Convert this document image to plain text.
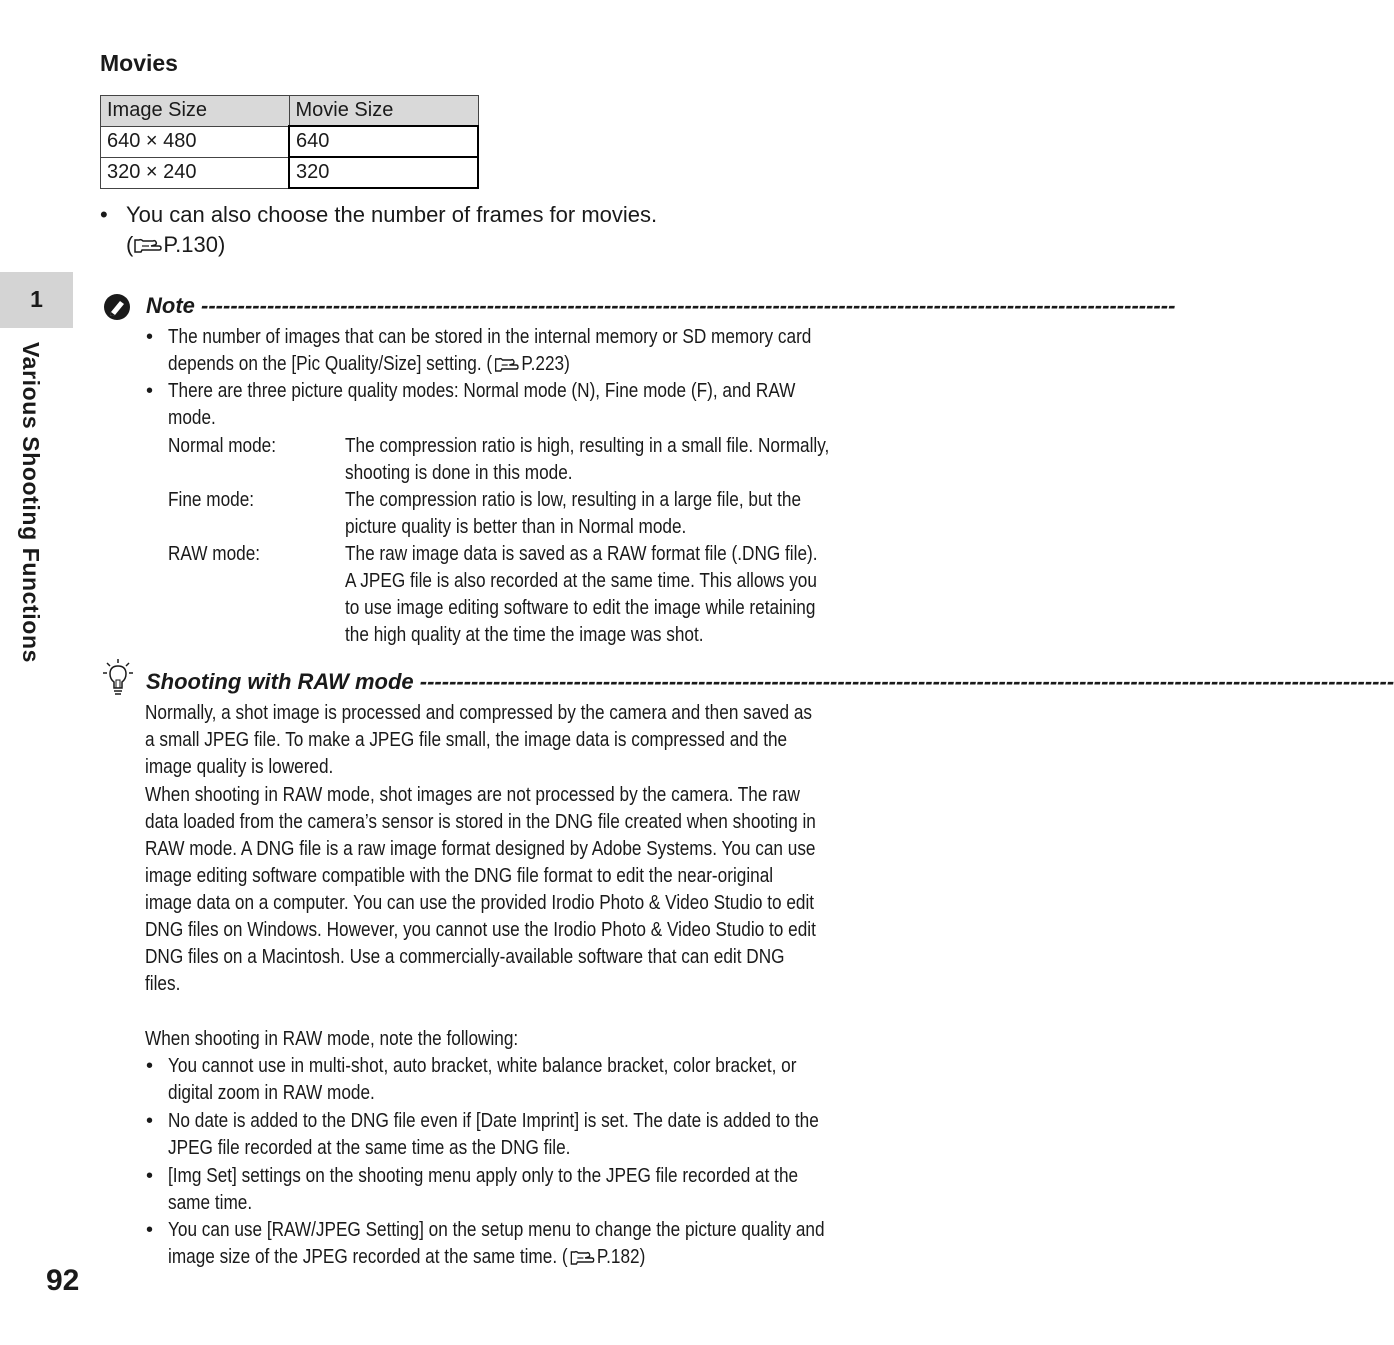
Movies
Image Size	Movie Size
640 × 480	640
320 × 240	320
• You can also choose the number of frames for movies.
( P.130)
1
Various Shooting Functions
Note -------------------------------------------------------------------------------------------------------------------------------------
• The number of images that can be stored in the internal memory or SD memory card
depends on the [Pic Quality/Size] setting. ( P.223)
• There are three picture quality modes: Normal mode (N), Fine mode (F), and RAW
mode.
Normal mode:	The compression ratio is high, resulting in a small file. Normally,
shooting is done in this mode.
Fine mode:	The compression ratio is low, resulting in a large file, but the
picture quality is better than in Normal mode.
RAW mode:	The raw image data is saved as a RAW format file (.DNG file).
A JPEG file is also recorded at the same time. This allows you
to use image editing software to edit the image while retaining
the high quality at the time the image was shot.
Shooting with RAW mode -------------------------------------------------------------------------------------------------------------------------------------
Normally, a shot image is processed and compressed by the camera and then saved as
a small JPEG file. To make a JPEG file small, the image data is compressed and the
image quality is lowered.
When shooting in RAW mode, shot images are not processed by the camera. The raw
data loaded from the camera’s sensor is stored in the DNG file created when shooting in
RAW mode. A DNG file is a raw image format designed by Adobe Systems. You can use
image editing software compatible with the DNG file format to edit the near-original
image data on a computer. You can use the provided Irodio Photo & Video Studio to edit
DNG files on Windows. However, you cannot use the Irodio Photo & Video Studio to edit
DNG files on a Macintosh. Use a commercially-available software that can edit DNG
files.
When shooting in RAW mode, note the following:
• You cannot use in multi-shot, auto bracket, white balance bracket, color bracket, or
digital zoom in RAW mode.
• No date is added to the DNG file even if [Date Imprint] is set. The date is added to the
JPEG file recorded at the same time as the DNG file.
• [Img Set] settings on the shooting menu apply only to the JPEG file recorded at the
same time.
• You can use [RAW/JPEG Setting] on the setup menu to change the picture quality and
image size of the JPEG recorded at the same time. ( P.182)
92
